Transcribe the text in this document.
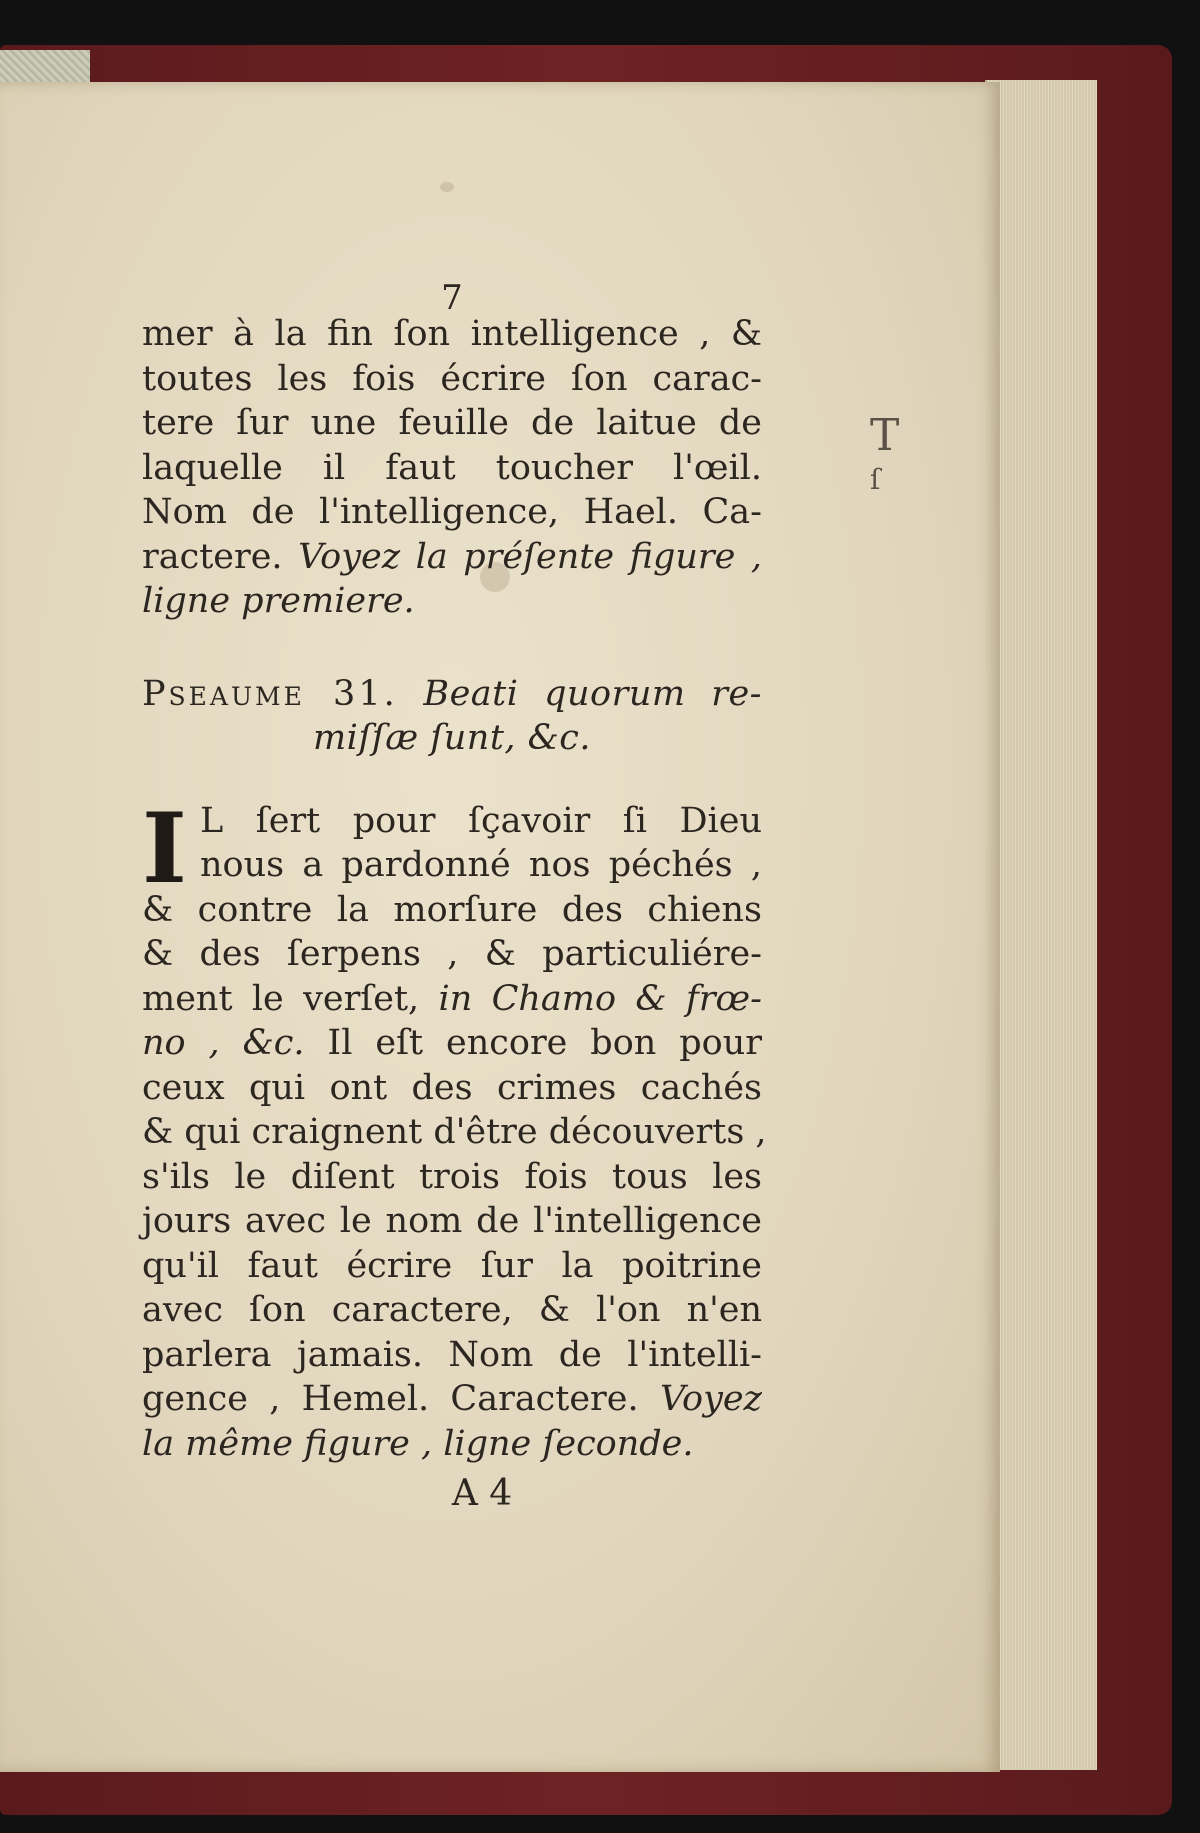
T
ſ
7
mer à la fin ſon intelligence , &
toutes les fois écrire ſon carac-
tere ſur une feuille de laitue de
laquelle il faut toucher l'œil.
Nom de l'intelligence, Hael. Ca-
ractere. Voyez la préſente figure ,
ligne premiere.
Pseaume 31. Beati quorum re-
miſſæ ſunt, &c.
I L ſert pour ſçavoir ſi Dieu
nous a pardonné nos péchés ,
& contre la morſure des chiens
& des ſerpens , & particuliére-
ment le verſet, in Chamo & frœ-
no , &c. Il eſt encore bon pour
ceux qui ont des crimes cachés
& qui craignent d'être découverts ,
s'ils le diſent trois fois tous les
jours avec le nom de l'intelligence
qu'il faut écrire ſur la poitrine
avec ſon caractere, & l'on n'en
parlera jamais. Nom de l'intelli-
gence , Hemel. Caractere. Voyez
la même figure , ligne ſeconde.
A 4
